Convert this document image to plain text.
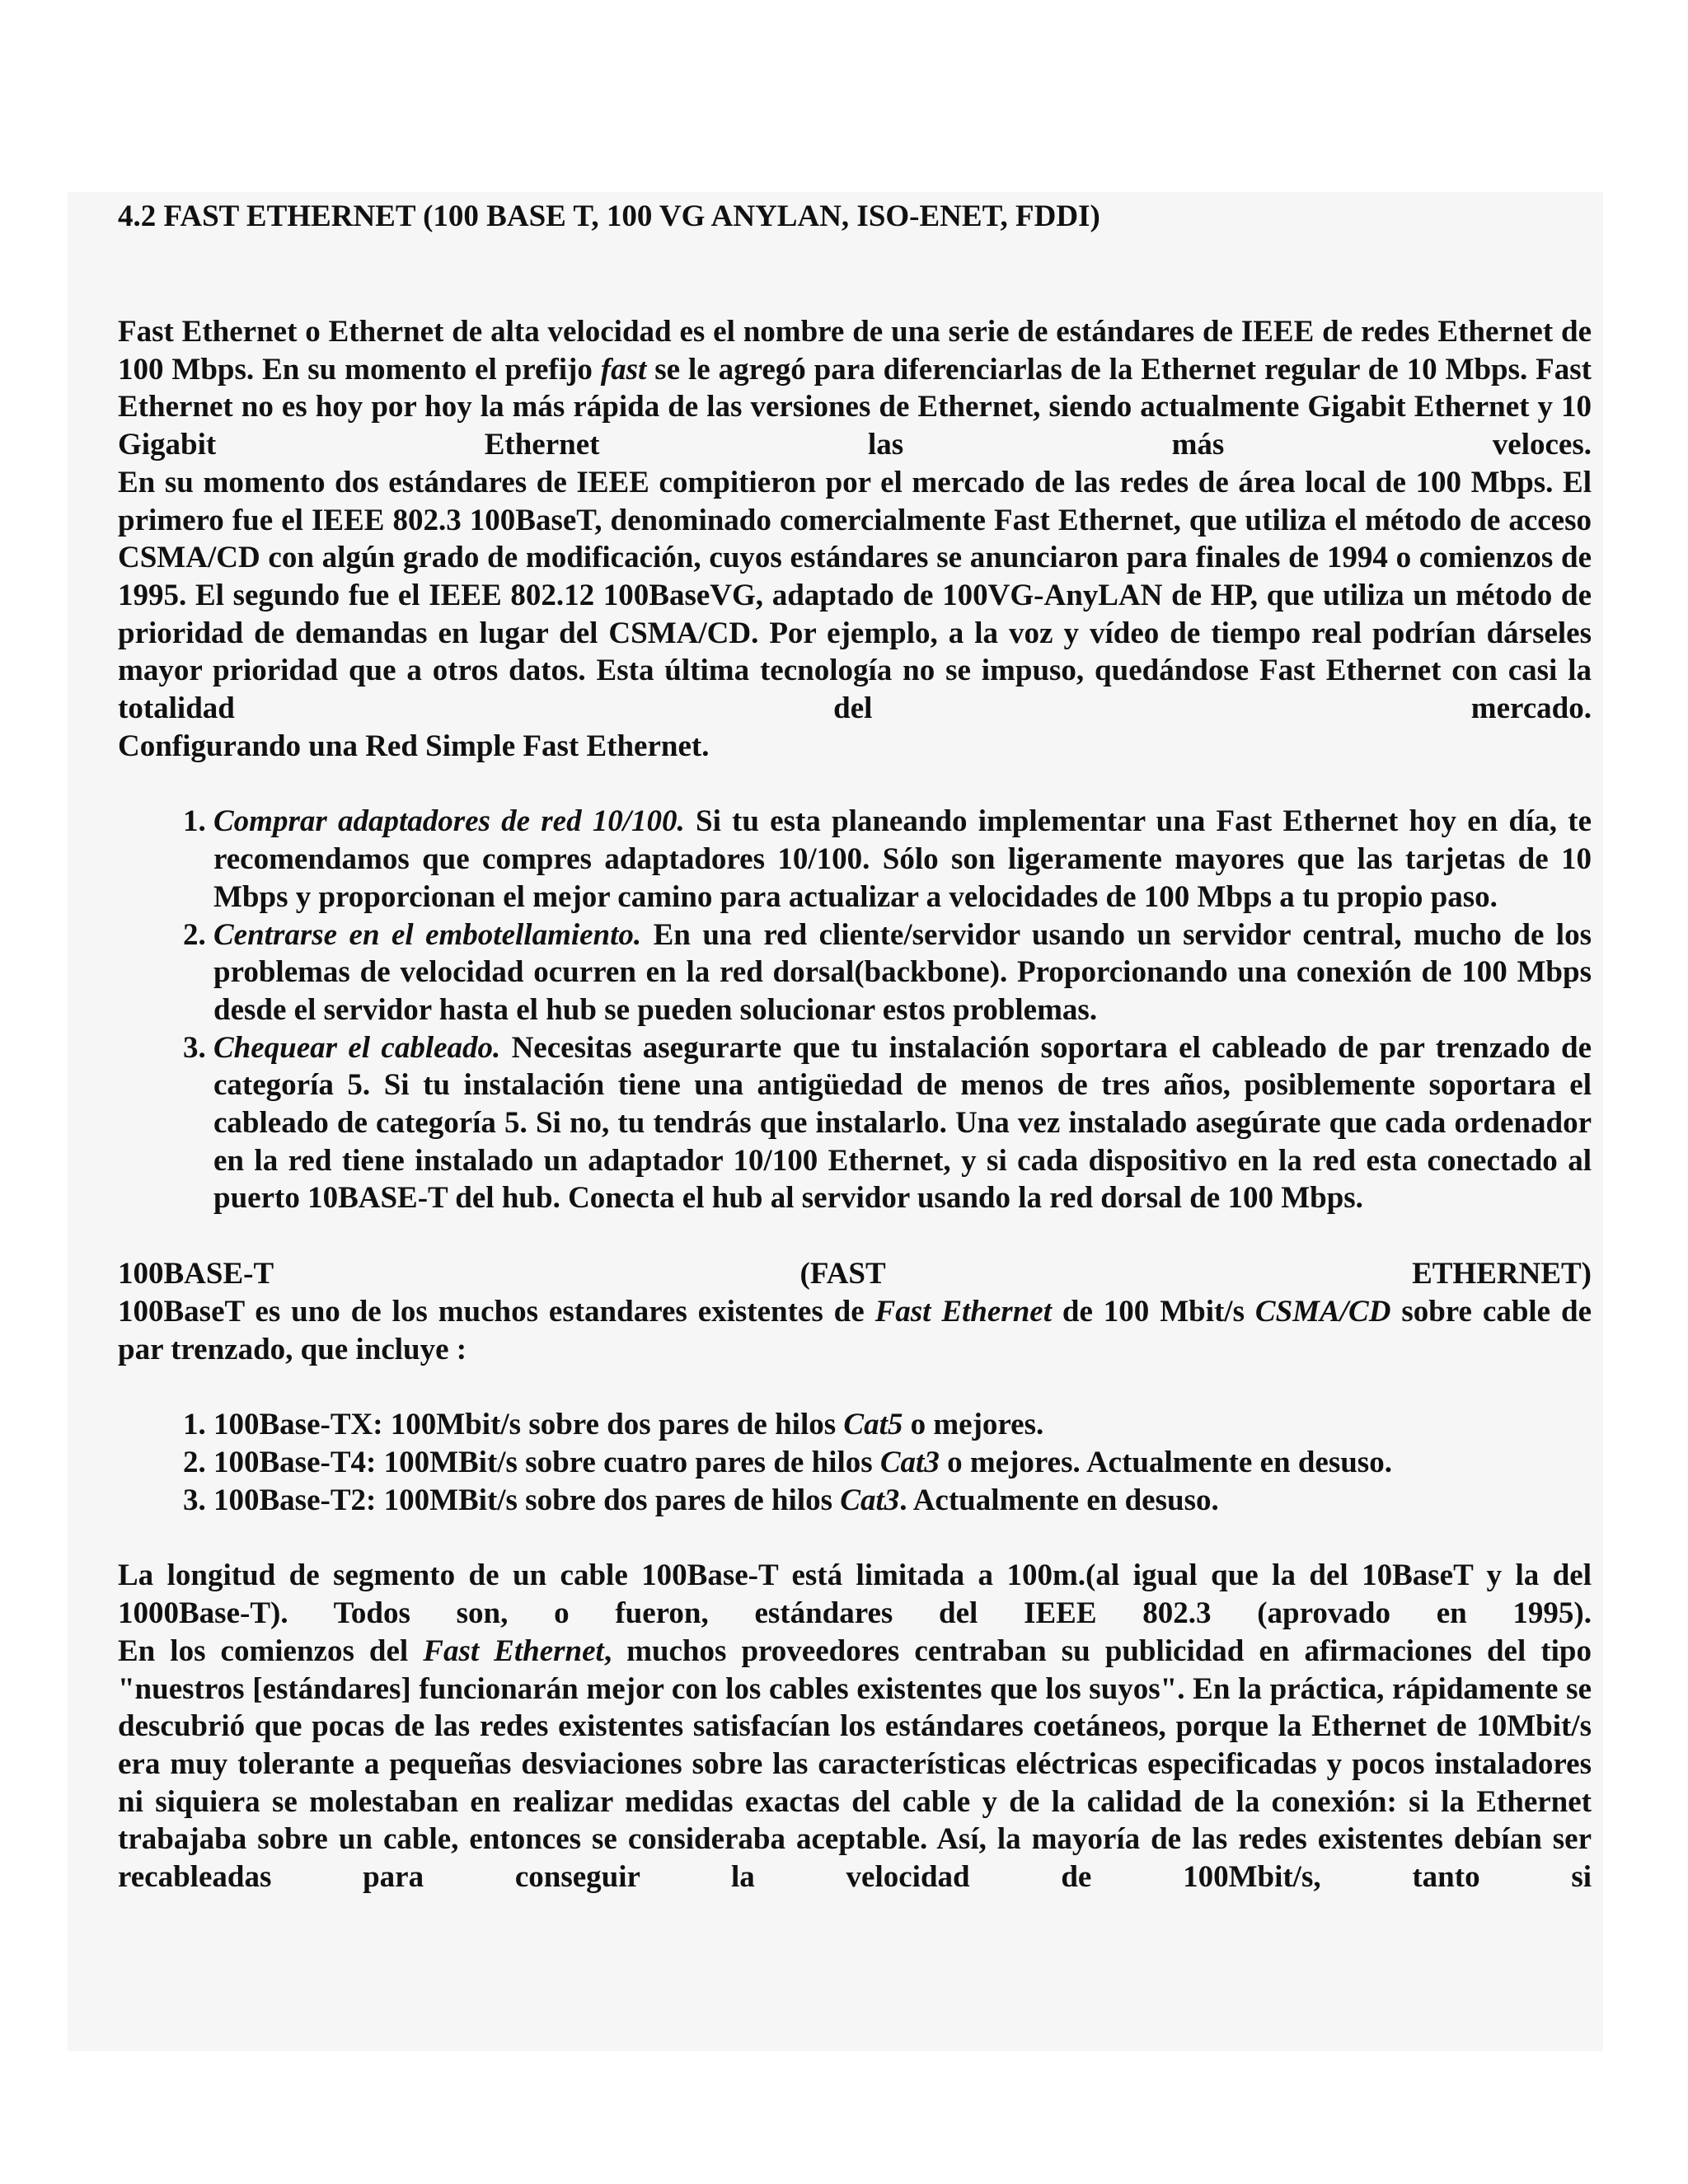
4.2 FAST ETHERNET (100 BASE T, 100 VG ANYLAN, ISO-ENET, FDDI)

Fast Ethernet o Ethernet de alta velocidad es el nombre de una serie de estándares de IEEE de redes Ethernet de 100 Mbps. En su momento el prefijo fast se le agregó para diferenciarlas de la Ethernet regular de 10 Mbps. Fast Ethernet no es hoy por hoy la más rápida de las versiones de Ethernet, siendo actualmente Gigabit Ethernet y 10 Gigabit Ethernet las más veloces.

En su momento dos estándares de IEEE compitieron por el mercado de las redes de área local de 100 Mbps. El primero fue el IEEE 802.3 100BaseT, denominado comercialmente Fast Ethernet, que utiliza el método de acceso CSMA/CD con algún grado de modificación, cuyos estándares se anunciaron para finales de 1994 o comienzos de 1995. El segundo fue el IEEE 802.12 100BaseVG, adaptado de 100VG-AnyLAN de HP, que utiliza un método de prioridad de demandas en lugar del CSMA/CD. Por ejemplo, a la voz y vídeo de tiempo real podrían dárseles mayor prioridad que a otros datos. Esta última tecnología no se impuso, quedándose Fast Ethernet con casi la totalidad del mercado.

Configurando una Red Simple Fast Ethernet.

1. Comprar adaptadores de red 10/100. Si tu esta planeando implementar una Fast Ethernet hoy en día, te recomendamos que compres adaptadores 10/100. Sólo son ligeramente mayores que las tarjetas de 10 Mbps y proporcionan el mejor camino para actualizar a velocidades de 100 Mbps a tu propio paso.
2. Centrarse en el embotellamiento. En una red cliente/servidor usando un servidor central, mucho de los problemas de velocidad ocurren en la red dorsal(backbone). Proporcionando una conexión de 100 Mbps desde el servidor hasta el hub se pueden solucionar estos problemas.
3. Chequear el cableado. Necesitas asegurarte que tu instalación soportara el cableado de par trenzado de categoría 5. Si tu instalación tiene una antigüedad de menos de tres años, posiblemente soportara el cableado de categoría 5. Si no, tu tendrás que instalarlo. Una vez instalado asegúrate que cada ordenador en la red tiene instalado un adaptador 10/100 Ethernet, y si cada dispositivo en la red esta conectado al puerto 10BASE-T del hub. Conecta el hub al servidor usando la red dorsal de 100 Mbps.
100BASE-T	(FAST	ETHERNET)

100BaseT es uno de los muchos estandares existentes de Fast Ethernet de 100 Mbit/s CSMA/CD sobre cable de par trenzado, que incluye :

1. 100Base-TX: 100Mbit/s sobre dos pares de hilos Cat5 o mejores.
2. 100Base-T4: 100MBit/s sobre cuatro pares de hilos Cat3 o mejores. Actualmente en desuso.
3. 100Base-T2: 100MBit/s sobre dos pares de hilos Cat3. Actualmente en desuso.

La longitud de segmento de un cable 100Base-T está limitada a 100m.(al igual que la del 10BaseT y la del 1000Base-T). Todos son, o fueron, estándares del IEEE 802.3 (aprovado en 1995).

En los comienzos del Fast Ethernet, muchos proveedores centraban su publicidad en afirmaciones del tipo "nuestros [estándares] funcionarán mejor con los cables existentes que los suyos". En la práctica, rápidamente se descubrió que pocas de las redes existentes satisfacían los estándares coetáneos, porque la Ethernet de 10Mbit/s era muy tolerante a pequeñas desviaciones sobre las características eléctricas especificadas y pocos instaladores ni siquiera se molestaban en realizar medidas exactas del cable y de la calidad de la conexión: si la Ethernet trabajaba sobre un cable, entonces se consideraba aceptable. Así, la mayoría de las redes existentes debían ser recableadas para conseguir la velocidad de 100Mbit/s, tanto si
